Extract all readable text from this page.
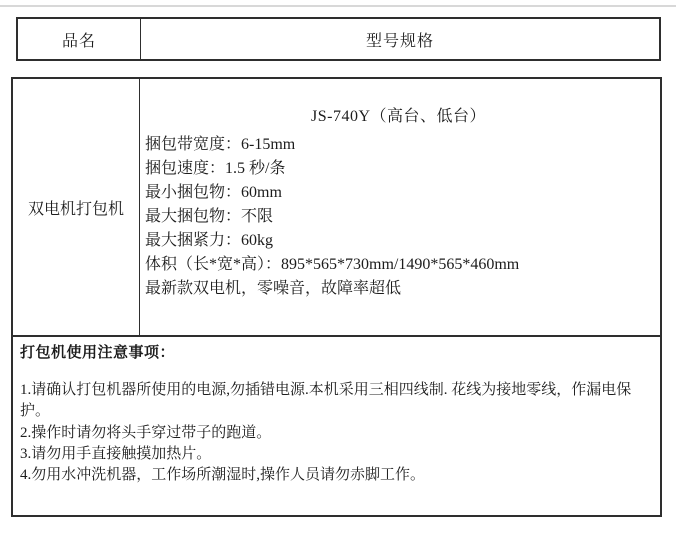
品名	型号规格
双电机打包机
JS-740Y（高台、低台）
捆包带宽度：6-15mm
捆包速度：1.5 秒/条
最小捆包物：60mm
最大捆包物：不限
最大捆紧力：60kg
体积（长*宽*高）：895*565*730mm/1490*565*460mm
最新款双电机，零噪音，故障率超低
打包机使用注意事项：
1.请确认打包机器所使用的电源,勿插错电源.本机采用三相四线制. 花线为接地零线，作漏电保护。
2.操作时请勿将头手穿过带子的跑道。
3.请勿用手直接触摸加热片。
4.勿用水冲洗机器，工作场所潮湿时,操作人员请勿赤脚工作。
